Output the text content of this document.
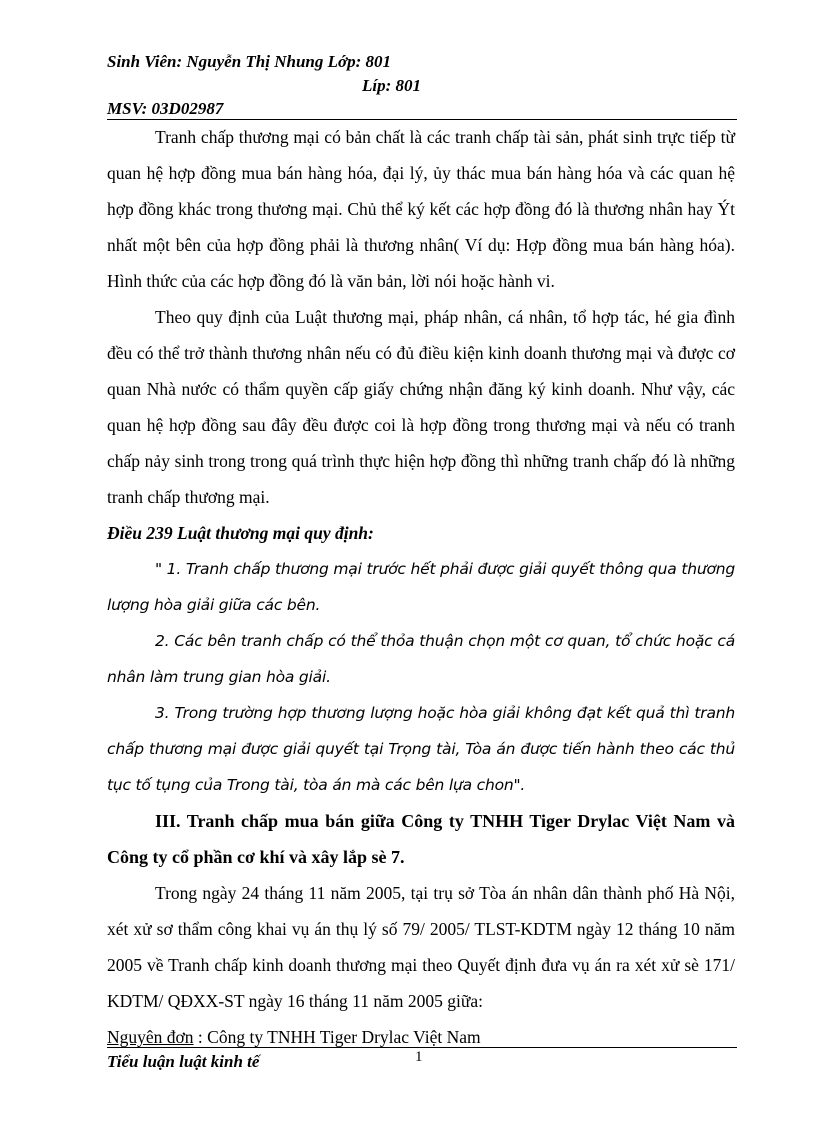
Sinh Viên: Nguyễn Thị Nhung Lớp: 801
Líp: 801
MSV: 03D02987

Tranh chấp thương mại có bản chất là các tranh chấp tài sản, phát sinh trực tiếp từ quan hệ hợp đồng mua bán hàng hóa, đại lý, ủy thác mua bán hàng hóa và các quan hệ hợp đồng khác trong thương mại. Chủ thể ký kết các hợp đồng đó là thương nhân hay Ýt nhất một bên của hợp đồng phải là thương nhân( Ví dụ: Hợp đồng mua bán hàng hóa). Hình thức của các hợp đồng đó là văn bản, lời nói hoặc hành vi.

Theo quy định của Luật thương mại, pháp nhân, cá nhân, tổ hợp tác, hé gia đình đều có thể trở thành thương nhân nếu có đủ điều kiện kinh doanh thương mại và được cơ quan Nhà nước có thẩm quyền cấp giấy chứng nhận đăng ký kinh doanh. Như vậy, các quan hệ hợp đồng sau đây đều được coi là hợp đồng trong thương mại và nếu có tranh chấp nảy sinh trong trong quá trình thực hiện hợp đồng thì những tranh chấp đó là những tranh chấp thương mại.

Điều 239 Luật thương mại quy định:

" 1. Tranh chấp thương mại trước hết phải được giải quyết thông qua thương lượng hòa giải giữa các bên.

2. Các bên tranh chấp có thể thỏa thuận chọn một cơ quan, tổ chức hoặc cá nhân làm trung gian hòa giải.

3. Trong trường hợp thương lượng hoặc hòa giải không đạt kết quả thì tranh chấp thương mại được giải quyết tại Trọng tài, Tòa án được tiến hành theo các thủ tục tố tụng của Trong tài, tòa án mà các bên lựa chon".

III. Tranh chấp mua bán giữa Công ty TNHH Tiger Drylac Việt Nam và Công ty cổ phần cơ khí và xây lắp sè 7.

Trong ngày 24 tháng 11 năm 2005, tại trụ sở Tòa án nhân dân thành phố Hà Nội, xét xử sơ thẩm công khai vụ án thụ lý số 79/ 2005/ TLST-KDTM ngày 12 tháng 10 năm 2005 về Tranh chấp kinh doanh thương mại theo Quyết định đưa vụ án ra xét xử sè 171/ KDTM/ QĐXX-ST ngày 16 tháng 11 năm 2005 giữa:

Nguyên đơn : Công ty TNHH Tiger Drylac Việt Nam

Tiểu luận luật kinh tế	1
